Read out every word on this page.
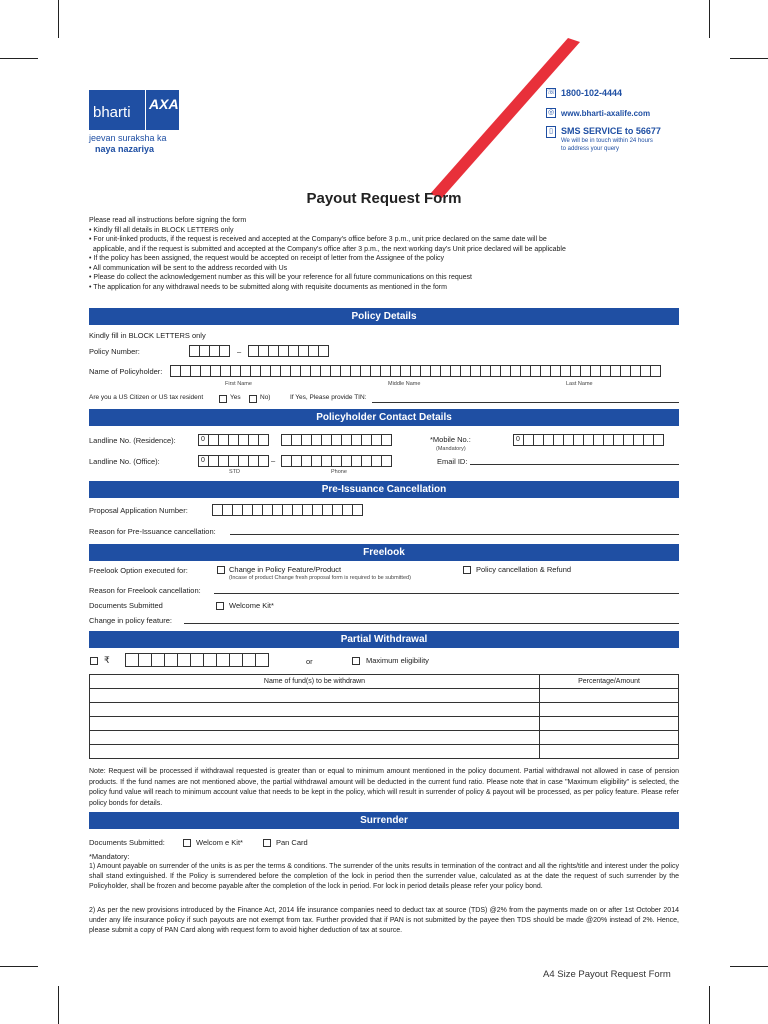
bharti	AXA
jeevan suraksha ka
naya nazariya
☏ 1800-102-4444
◎ www.bharti-axalife.com
▯ SMS SERVICE to 56677
We will be in touch within 24 hours
to address your query
Payout Request Form
Please read all instructions before signing the form
• Kindly fill all details in BLOCK LETTERS only
• For unit-linked products, if the request is received and accepted at the Company's office before 3 p.m., unit price declared on the same date will be
applicable, and if the request is submitted and accepted at the Company's office after 3 p.m., the next working day's Unit price declared will be applicable
• If the policy has been assigned, the request would be accepted on receipt of letter from the Assignee of the policy
• All communication will be sent to the address recorded with Us
• Please do collect the acknowledgement number as this will be your reference for all future communications on this request
• The application for any withdrawal needs to be submitted along with requisite documents as mentioned in the form
Policy Details
Kindly fill in BLOCK LETTERS only
Policy Number:	–
Name of Policyholder:
First Name	Middle Name	Last Name
Are you a US Citizen or US tax resident	Yes	No)	If Yes, Please provide TIN:
Policyholder Contact Details
Landline No. (Residence):	0	*Mobile No.:
(Mandatory)
0
Landline No. (Office):	0	–	Email ID:
STD	Phone
Pre-Issuance Cancellation
Proposal Application Number:
Reason for Pre-Issuance cancellation:
Freelook
Freelook Option executed for:	Change in Policy Feature/Product
(Incase of product Change fresh proposal form is required to be submitted)
Policy cancellation & Refund
Reason for Freelook cancellation:
Documents Submitted	Welcome Kit*
Change in policy feature:
Partial Withdrawal
₹	or	Maximum eligibility
Name of fund(s) to be withdrawn	Percentage/Amount

Note: Request will be processed if withdrawal requested is greater than or equal to minimum amount mentioned in the policy document. Partial withdrawal not allowed in case of pension products. If the fund names are not mentioned above, the partial withdrawal amount will be deducted in the current fund ratio. Please note that in case "Maximum eligibility" is selected, the policy fund value will reach to minimum account value that needs to be kept in the policy, which will result in surrender of policy & payout will be processed, as per policy feature. Please refer policy bonds for details.
Surrender
Documents Submitted:	Welcom e Kit*	Pan Card
*Mandatory:
1) Amount payable on surrender of the units is as per the terms & conditions. The surrender of the units results in termination of the contract and all the rights/title and interest under the policy shall stand extinguished. If the Policy is surrendered before the completion of the lock in period then the surrender value, calculated as at the date the request of such surrender by the Policyholder, shall be frozen and become payable after the completion of the lock in period. For lock in period details please refer your policy bond.
2) As per the new provisions introduced by the Finance Act, 2014 life insurance companies need to deduct tax at source (TDS) @2% from the payments made on or after 1st October 2014 under any life insurance policy if such payouts are not exempt from tax. Further provided that if PAN is not submitted by the payee then TDS should be made @20% instead of 2%. Hence, please submit a copy of PAN Card along with request form to avoid higher deduction of tax at source.
A4 Size Payout Request Form
